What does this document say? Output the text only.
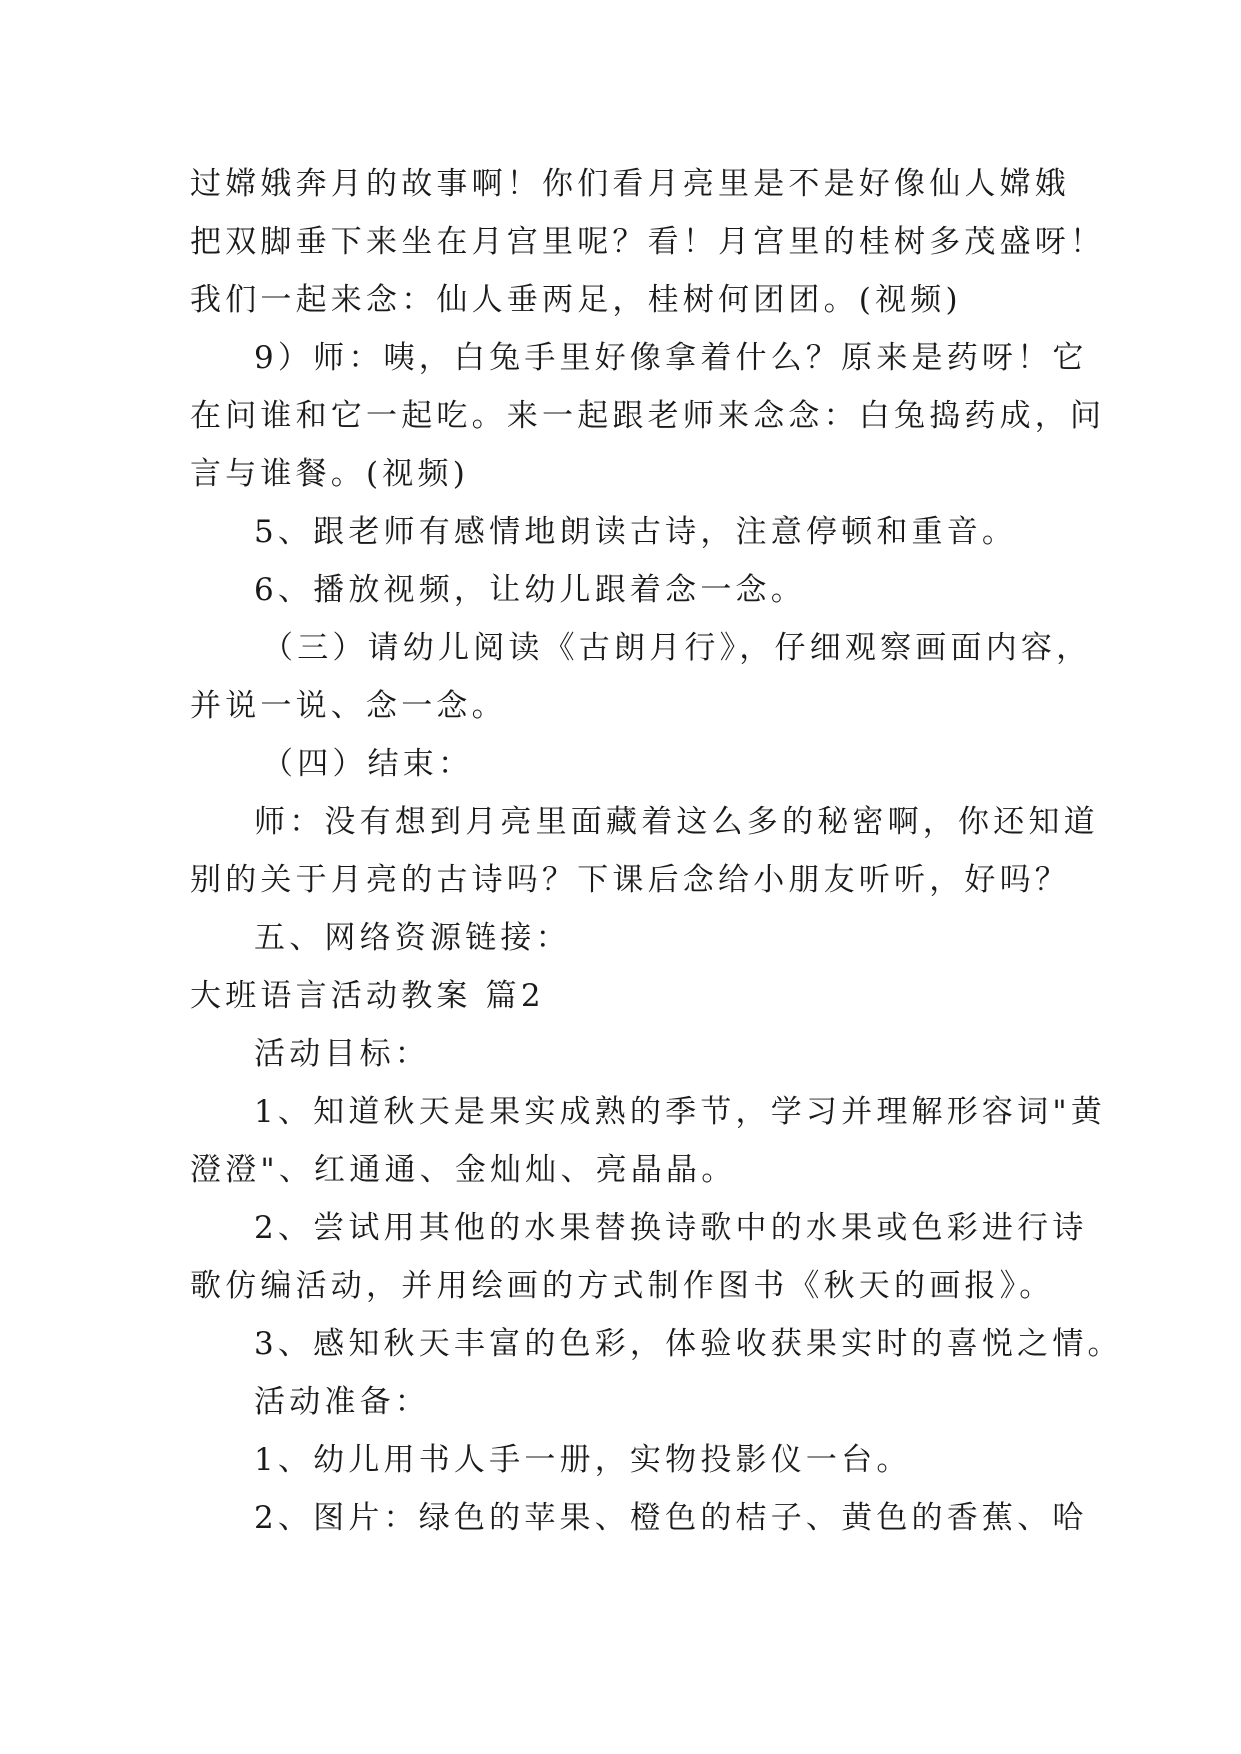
过嫦娥奔月的故事啊！你们看月亮里是不是好像仙人嫦娥
把双脚垂下来坐在月宫里呢？看！月宫里的桂树多茂盛呀！
我们一起来念：仙人垂两足，桂树何团团。(视频)
9）师：咦，白兔手里好像拿着什么？原来是药呀！它
在问谁和它一起吃。来一起跟老师来念念：白兔捣药成，问
言与谁餐。(视频)
5、跟老师有感情地朗读古诗，注意停顿和重音。
6、播放视频，让幼儿跟着念一念。
（三）请幼儿阅读《古朗月行》，仔细观察画面内容，
并说一说、念一念。
（四）结束：
师：没有想到月亮里面藏着这么多的秘密啊，你还知道
别的关于月亮的古诗吗？下课后念给小朋友听听，好吗？
五、网络资源链接：
大班语言活动教案 篇2
活动目标：
1、知道秋天是果实成熟的季节，学习并理解形容词"黄
澄澄"、红通通、金灿灿、亮晶晶。
2、尝试用其他的水果替换诗歌中的水果或色彩进行诗
歌仿编活动，并用绘画的方式制作图书《秋天的画报》。
3、感知秋天丰富的色彩，体验收获果实时的喜悦之情。
活动准备：
1、幼儿用书人手一册，实物投影仪一台。
2、图片：绿色的苹果、橙色的桔子、黄色的香蕉、哈
